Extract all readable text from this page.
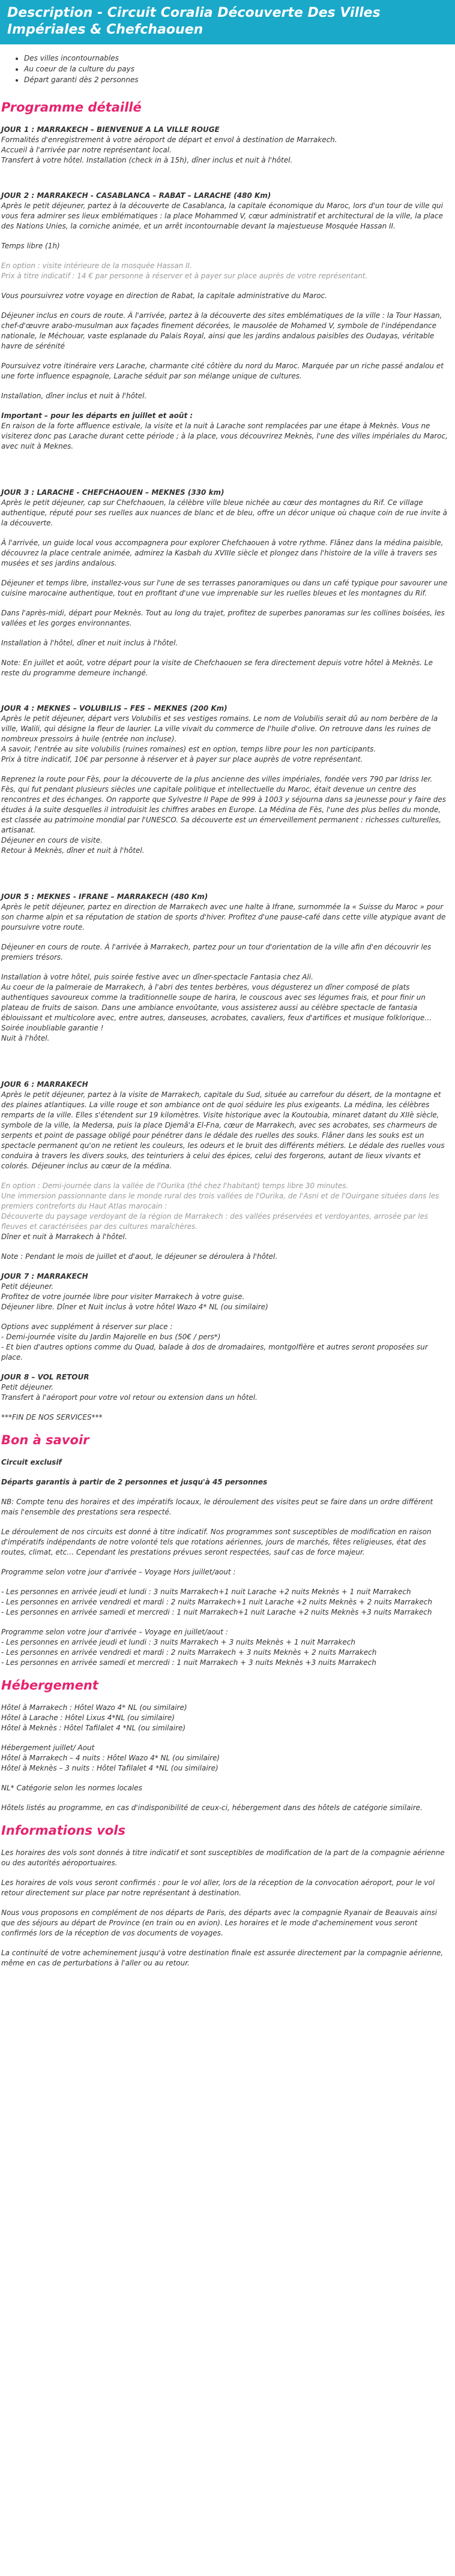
Description - Circuit Coralia Découverte Des Villes Impériales & Chefchaouen
• Des villes incontournables
• Au coeur de la culture du pays
• Départ garanti dès 2 personnes
Programme détaillé

JOUR 1 : MARRAKECH – BIENVENUE A LA VILLE ROUGE
Formalités d'enregistrement à votre aéroport de départ et envol à destination de Marrakech.
Accueil à l'arrivée par notre représentant local.
Transfert à votre hôtel. Installation (check in à 15h), dîner inclus et nuit à l'hôtel.

JOUR 2 : MARRAKECH - CASABLANCA – RABAT – LARACHE (480 Km)
Après le petit déjeuner, partez à la découverte de Casablanca, la capitale économique du Maroc, lors d'un tour de ville qui vous fera admirer ses lieux emblématiques : la place Mohammed V, cœur administratif et architectural de la ville, la place des Nations Unies, la corniche animée, et un arrêt incontournable devant la majestueuse Mosquée Hassan II.

Temps libre (1h)

En option : visite intérieure de la mosquée Hassan II.
Prix à titre indicatif : 14 € par personne à réserver et à payer sur place auprès de votre représentant.

Vous poursuivrez votre voyage en direction de Rabat, la capitale administrative du Maroc.

Déjeuner inclus en cours de route. À l'arrivée, partez à la découverte des sites emblématiques de la ville : la Tour Hassan, chef-d'œuvre arabo-musulman aux façades finement décorées, le mausolée de Mohamed V, symbole de l'indépendance nationale, le Méchouar, vaste esplanade du Palais Royal, ainsi que les jardins andalous paisibles des Oudayas, véritable havre de sérénité

Poursuivez votre itinéraire vers Larache, charmante cité côtière du nord du Maroc. Marquée par un riche passé andalou et une forte influence espagnole, Larache séduit par son mélange unique de cultures.

Installation, dîner inclus et nuit à l'hôtel.

Important – pour les départs en juillet et août :
En raison de la forte affluence estivale, la visite et la nuit à Larache sont remplacées par une étape à Meknès. Vous ne visiterez donc pas Larache durant cette période ; à la place, vous découvrirez Meknès, l'une des villes impériales du Maroc, avec nuit à Meknes.

JOUR 3 : LARACHE - CHEFCHAOUEN – MEKNES (330 km)
Après le petit déjeuner, cap sur Chefchaouen, la célèbre ville bleue nichée au cœur des montagnes du Rif. Ce village authentique, réputé pour ses ruelles aux nuances de blanc et de bleu, offre un décor unique où chaque coin de rue invite à la découverte.

À l'arrivée, un guide local vous accompagnera pour explorer Chefchaouen à votre rythme. Flânez dans la médina paisible, découvrez la place centrale animée, admirez la Kasbah du XVIIIe siècle et plongez dans l'histoire de la ville à travers ses musées et ses jardins andalous.

Déjeuner et temps libre, installez-vous sur l'une de ses terrasses panoramiques ou dans un café typique pour savourer une cuisine marocaine authentique, tout en profitant d'une vue imprenable sur les ruelles bleues et les montagnes du Rif.

Dans l'après-midi, départ pour Meknès. Tout au long du trajet, profitez de superbes panoramas sur les collines boisées, les vallées et les gorges environnantes.

Installation à l'hôtel, dîner et nuit inclus à l'hôtel.

Note: En juillet et août, votre départ pour la visite de Chefchaouen se fera directement depuis votre hôtel à Meknès. Le reste du programme demeure inchangé.

JOUR 4 : MEKNES – VOLUBILIS – FES – MEKNES (200 Km)
Après le petit déjeuner, départ vers Volubilis et ses vestiges romains. Le nom de Volubilis serait dû au nom berbère de la ville, Walili, qui désigne la fleur de laurier. La ville vivait du commerce de l'huile d'olive. On retrouve dans les ruines de nombreux pressoirs à huile (entrée non incluse).
A savoir, l'entrée au site volubilis (ruines romaines) est en option, temps libre pour les non participants.
Prix à titre indicatif, 10€ par personne à réserver et à payer sur place auprès de votre représentant.

Reprenez la route pour Fès, pour la découverte de la plus ancienne des villes impériales, fondée vers 790 par Idriss Ier. Fès, qui fut pendant plusieurs siècles une capitale politique et intellectuelle du Maroc, était devenue un centre des rencontres et des échanges. On rapporte que Sylvestre II Pape de 999 à 1003 y séjourna dans sa jeunesse pour y faire des études à la suite desquelles il introduisit les chiffres arabes en Europe. La Médina de Fès, l'une des plus belles du monde, est classée au patrimoine mondial par l'UNESCO. Sa découverte est un émerveillement permanent : richesses culturelles, artisanat.
Déjeuner en cours de visite.
Retour à Meknès, dîner et nuit à l'hôtel.

JOUR 5 : MEKNES - IFRANE – MARRAKECH (480 Km)
Après le petit déjeuner, partez en direction de Marrakech avec une halte à Ifrane, surnommée la « Suisse du Maroc » pour son charme alpin et sa réputation de station de sports d'hiver. Profitez d'une pause-café dans cette ville atypique avant de poursuivre votre route.

Déjeuner en cours de route. À l'arrivée à Marrakech, partez pour un tour d'orientation de la ville afin d'en découvrir les premiers trésors.

Installation à votre hôtel, puis soirée festive avec un dîner-spectacle Fantasia chez Ali.
Au coeur de la palmeraie de Marrakech, à l'abri des tentes berbères, vous dégusterez un dîner composé de plats authentiques savoureux comme la traditionnelle soupe de harira, le couscous avec ses légumes frais, et pour finir un plateau de fruits de saison. Dans une ambiance envoûtante, vous assisterez aussi au célèbre spectacle de fantasia éblouissant et multicolore avec, entre autres, danseuses, acrobates, cavaliers, feux d'artifices et musique folklorique… Soirée inoubliable garantie !
Nuit à l'hôtel.

JOUR 6 : MARRAKECH
Après le petit déjeuner, partez à la visite de Marrakech, capitale du Sud, située au carrefour du désert, de la montagne et des plaines atlantiques. La ville rouge et son ambiance ont de quoi séduire les plus exigeants. La médina, les célèbres remparts de la ville. Elles s'étendent sur 19 kilomètres. Visite historique avec la Koutoubia, minaret datant du XIIè siècle, symbole de la ville, la Medersa, puis la place Djemâ'a El-Fna, cœur de Marrakech, avec ses acrobates, ses charmeurs de serpents et point de passage obligé pour pénétrer dans le dédale des ruelles des souks. Flâner dans les souks est un spectacle permanent qu'on ne retient les couleurs, les odeurs et le bruit des différents métiers. Le dédale des ruelles vous conduira à travers les divers souks, des teinturiers à celui des épices, celui des forgerons, autant de lieux vivants et colorés. Déjeuner inclus au cœur de la médina.

En option : Demi-journée dans la vallée de l'Ourika (thé chez l'habitant) temps libre 30 minutes.
Une immersion passionnante dans le monde rural des trois vallées de l'Ourika, de l'Asni et de l'Ouirgane situées dans les premiers contreforts du Haut Atlas marocain :
Découverte du paysage verdoyant de la région de Marrakech : des vallées préservées et verdoyantes, arrosée par les fleuves et caractérisées par des cultures maraîchères.

Dîner et nuit à Marrakech à l'hôtel.

Note : Pendant le mois de juillet et d'aout, le déjeuner se déroulera à l'hôtel.

JOUR 7 : MARRAKECH
Petit déjeuner.
Profitez de votre journée libre pour visiter Marrakech à votre guise.
Déjeuner libre. Dîner et Nuit inclus à votre hôtel Wazo 4* NL (ou similaire)

Options avec supplément à réserver sur place :
- Demi-journée visite du Jardin Majorelle en bus (50€ / pers*)
- Et bien d'autres options comme du Quad, balade à dos de dromadaires, montgolfière et autres seront proposées sur place.

JOUR 8 – VOL RETOUR
Petit déjeuner.
Transfert à l'aéroport pour votre vol retour ou extension dans un hôtel.

***FIN DE NOS SERVICES***

Bon à savoir

Circuit exclusif

Départs garantis à partir de 2 personnes et jusqu'à 45 personnes

NB: Compte tenu des horaires et des impératifs locaux, le déroulement des visites peut se faire dans un ordre différent mais l'ensemble des prestations sera respecté.

Le déroulement de nos circuits est donné à titre indicatif. Nos programmes sont susceptibles de modification en raison d'impératifs indépendants de notre volonté tels que rotations aériennes, jours de marchés, fêtes religieuses, état des routes, climat, etc… Cependant les prestations prévues seront respectées, sauf cas de force majeur.

Programme selon votre jour d'arrivée – Voyage Hors juillet/aout :

- Les personnes en arrivée jeudi et lundi : 3 nuits Marrakech+1 nuit Larache +2 nuits Meknès + 1 nuit Marrakech
- Les personnes en arrivée vendredi et mardi : 2 nuits Marrakech+1 nuit Larache +2 nuits Meknès + 2 nuits Marrakech
- Les personnes en arrivée samedi et mercredi : 1 nuit Marrakech+1 nuit Larache +2 nuits Meknès +3 nuits Marrakech

Programme selon votre jour d'arrivée – Voyage en juillet/aout :
- Les personnes en arrivée jeudi et lundi : 3 nuits Marrakech + 3 nuits Meknès + 1 nuit Marrakech
- Les personnes en arrivée vendredi et mardi : 2 nuits Marrakech + 3 nuits Meknès + 2 nuits Marrakech
- Les personnes en arrivée samedi et mercredi : 1 nuit Marrakech + 3 nuits Meknès +3 nuits Marrakech

Hébergement

Hôtel à Marrakech : Hôtel Wazo 4* NL (ou similaire)
Hôtel à Larache : Hôtel Lixus 4*NL (ou similaire)
Hôtel à Meknès : Hôtel Tafilalet 4 *NL (ou similaire)

Hébergement juillet/ Aout
Hôtel à Marrakech – 4 nuits : Hôtel Wazo 4* NL (ou similaire)
Hôtel à Meknès – 3 nuits : Hôtel Tafilalet 4 *NL (ou similaire)

NL* Catégorie selon les normes locales

Hôtels listés au programme, en cas d'indisponibilité de ceux-ci, hébergement dans des hôtels de catégorie similaire.

Informations vols

Les horaires des vols sont donnés à titre indicatif et sont susceptibles de modification de la part de la compagnie aérienne ou des autorités aéroportuaires.

Les horaires de vols vous seront confirmés : pour le vol aller, lors de la réception de la convocation aéroport, pour le vol retour directement sur place par notre représentant à destination.

Nous vous proposons en complément de nos départs de Paris, des départs avec la compagnie Ryanair de Beauvais ainsi que des séjours au départ de Province (en train ou en avion). Les horaires et le mode d'acheminement vous seront confirmés lors de la réception de vos documents de voyages.

La continuité de votre acheminement jusqu'à votre destination finale est assurée directement par la compagnie aérienne, même en cas de perturbations à l'aller ou au retour.
